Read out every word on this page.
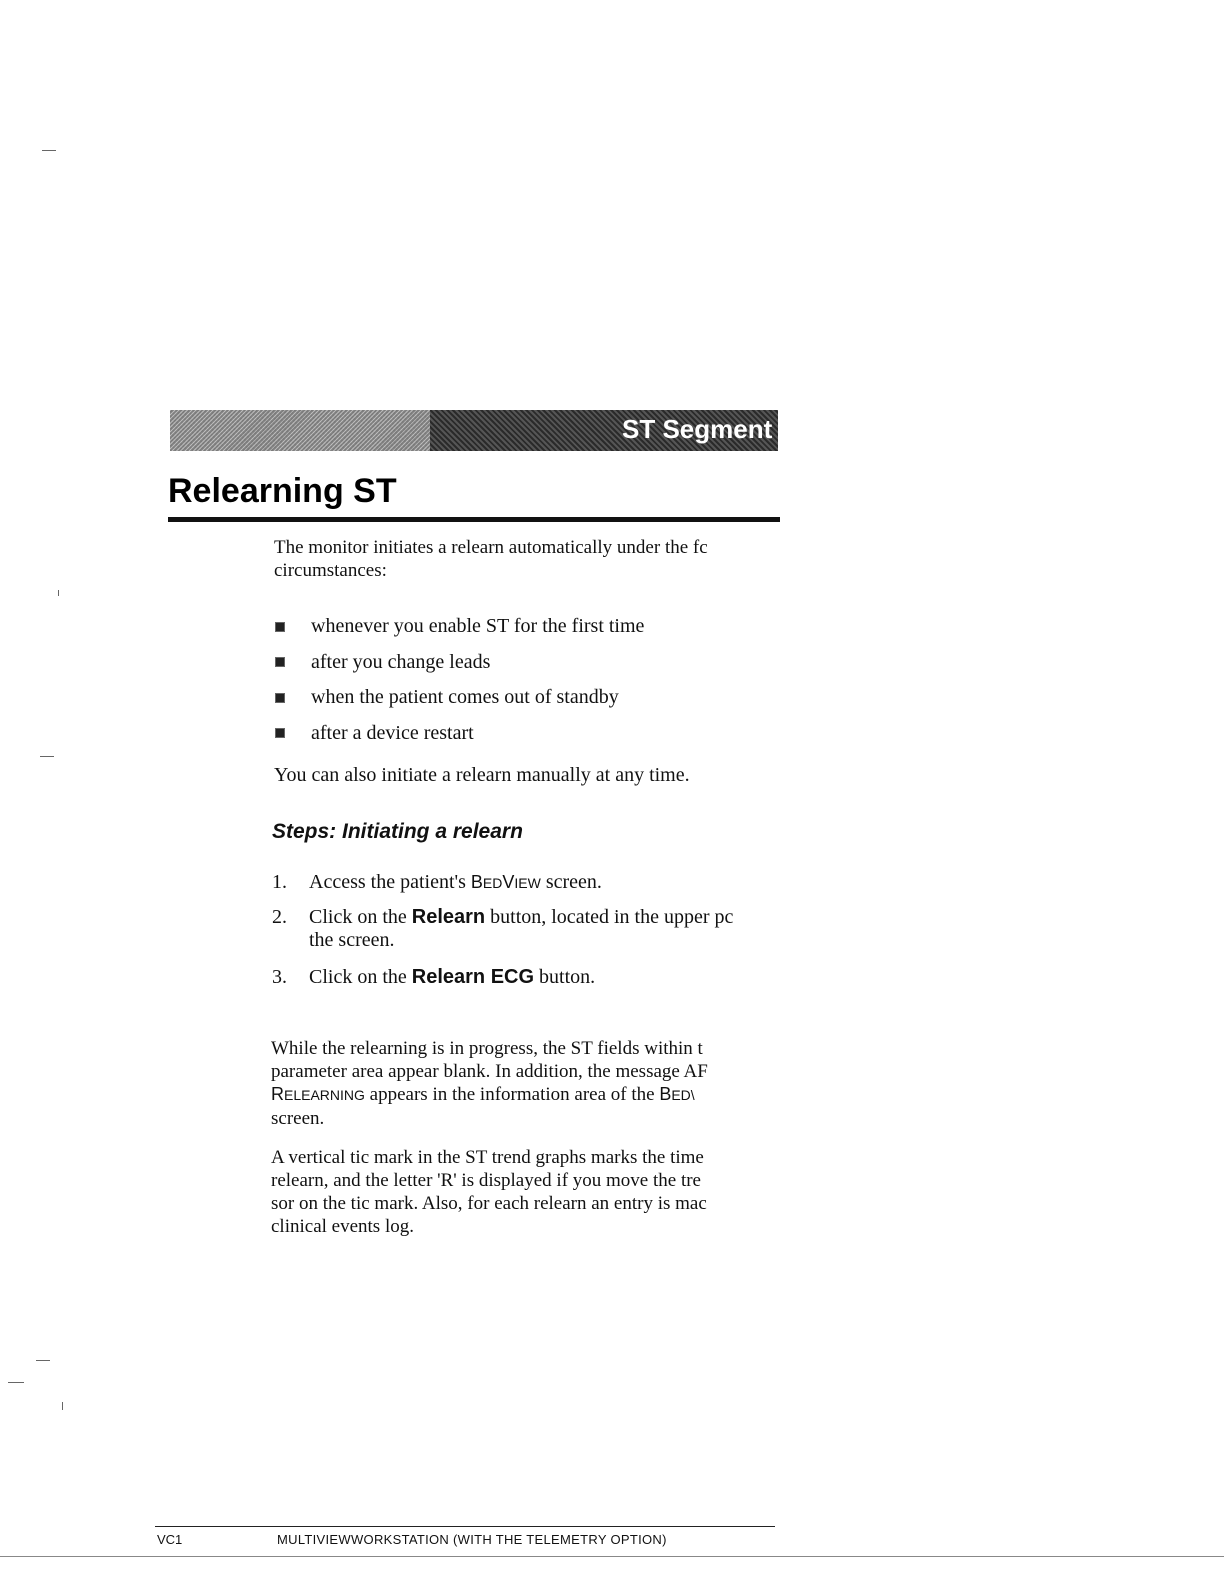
ST Segment Analysis (O
Relearning ST
The monitor initiates a relearn automatically under the fc
circumstances:
whenever you enable ST for the first time
after you change leads
when the patient comes out of standby
after a device restart
You can also initiate a relearn manually at any time.
Steps: Initiating a relearn
1. Access the patient's BEDVIEW screen.
2. Click on the Relearn button, located in the upper pc
the screen.
3. Click on the Relearn ECG button.
While the relearning is in progress, the ST fields within t
parameter area appear blank. In addition, the message AF
RELEARNING appears in the information area of the BED\
screen.
A vertical tic mark in the ST trend graphs marks the time
relearn, and the letter 'R' is displayed if you move the tre
sor on the tic mark. Also, for each relearn an entry is mac
clinical events log.
VC1	MULTIVIEWWORKSTATION (WITH THE TELEMETRY OPTION)
